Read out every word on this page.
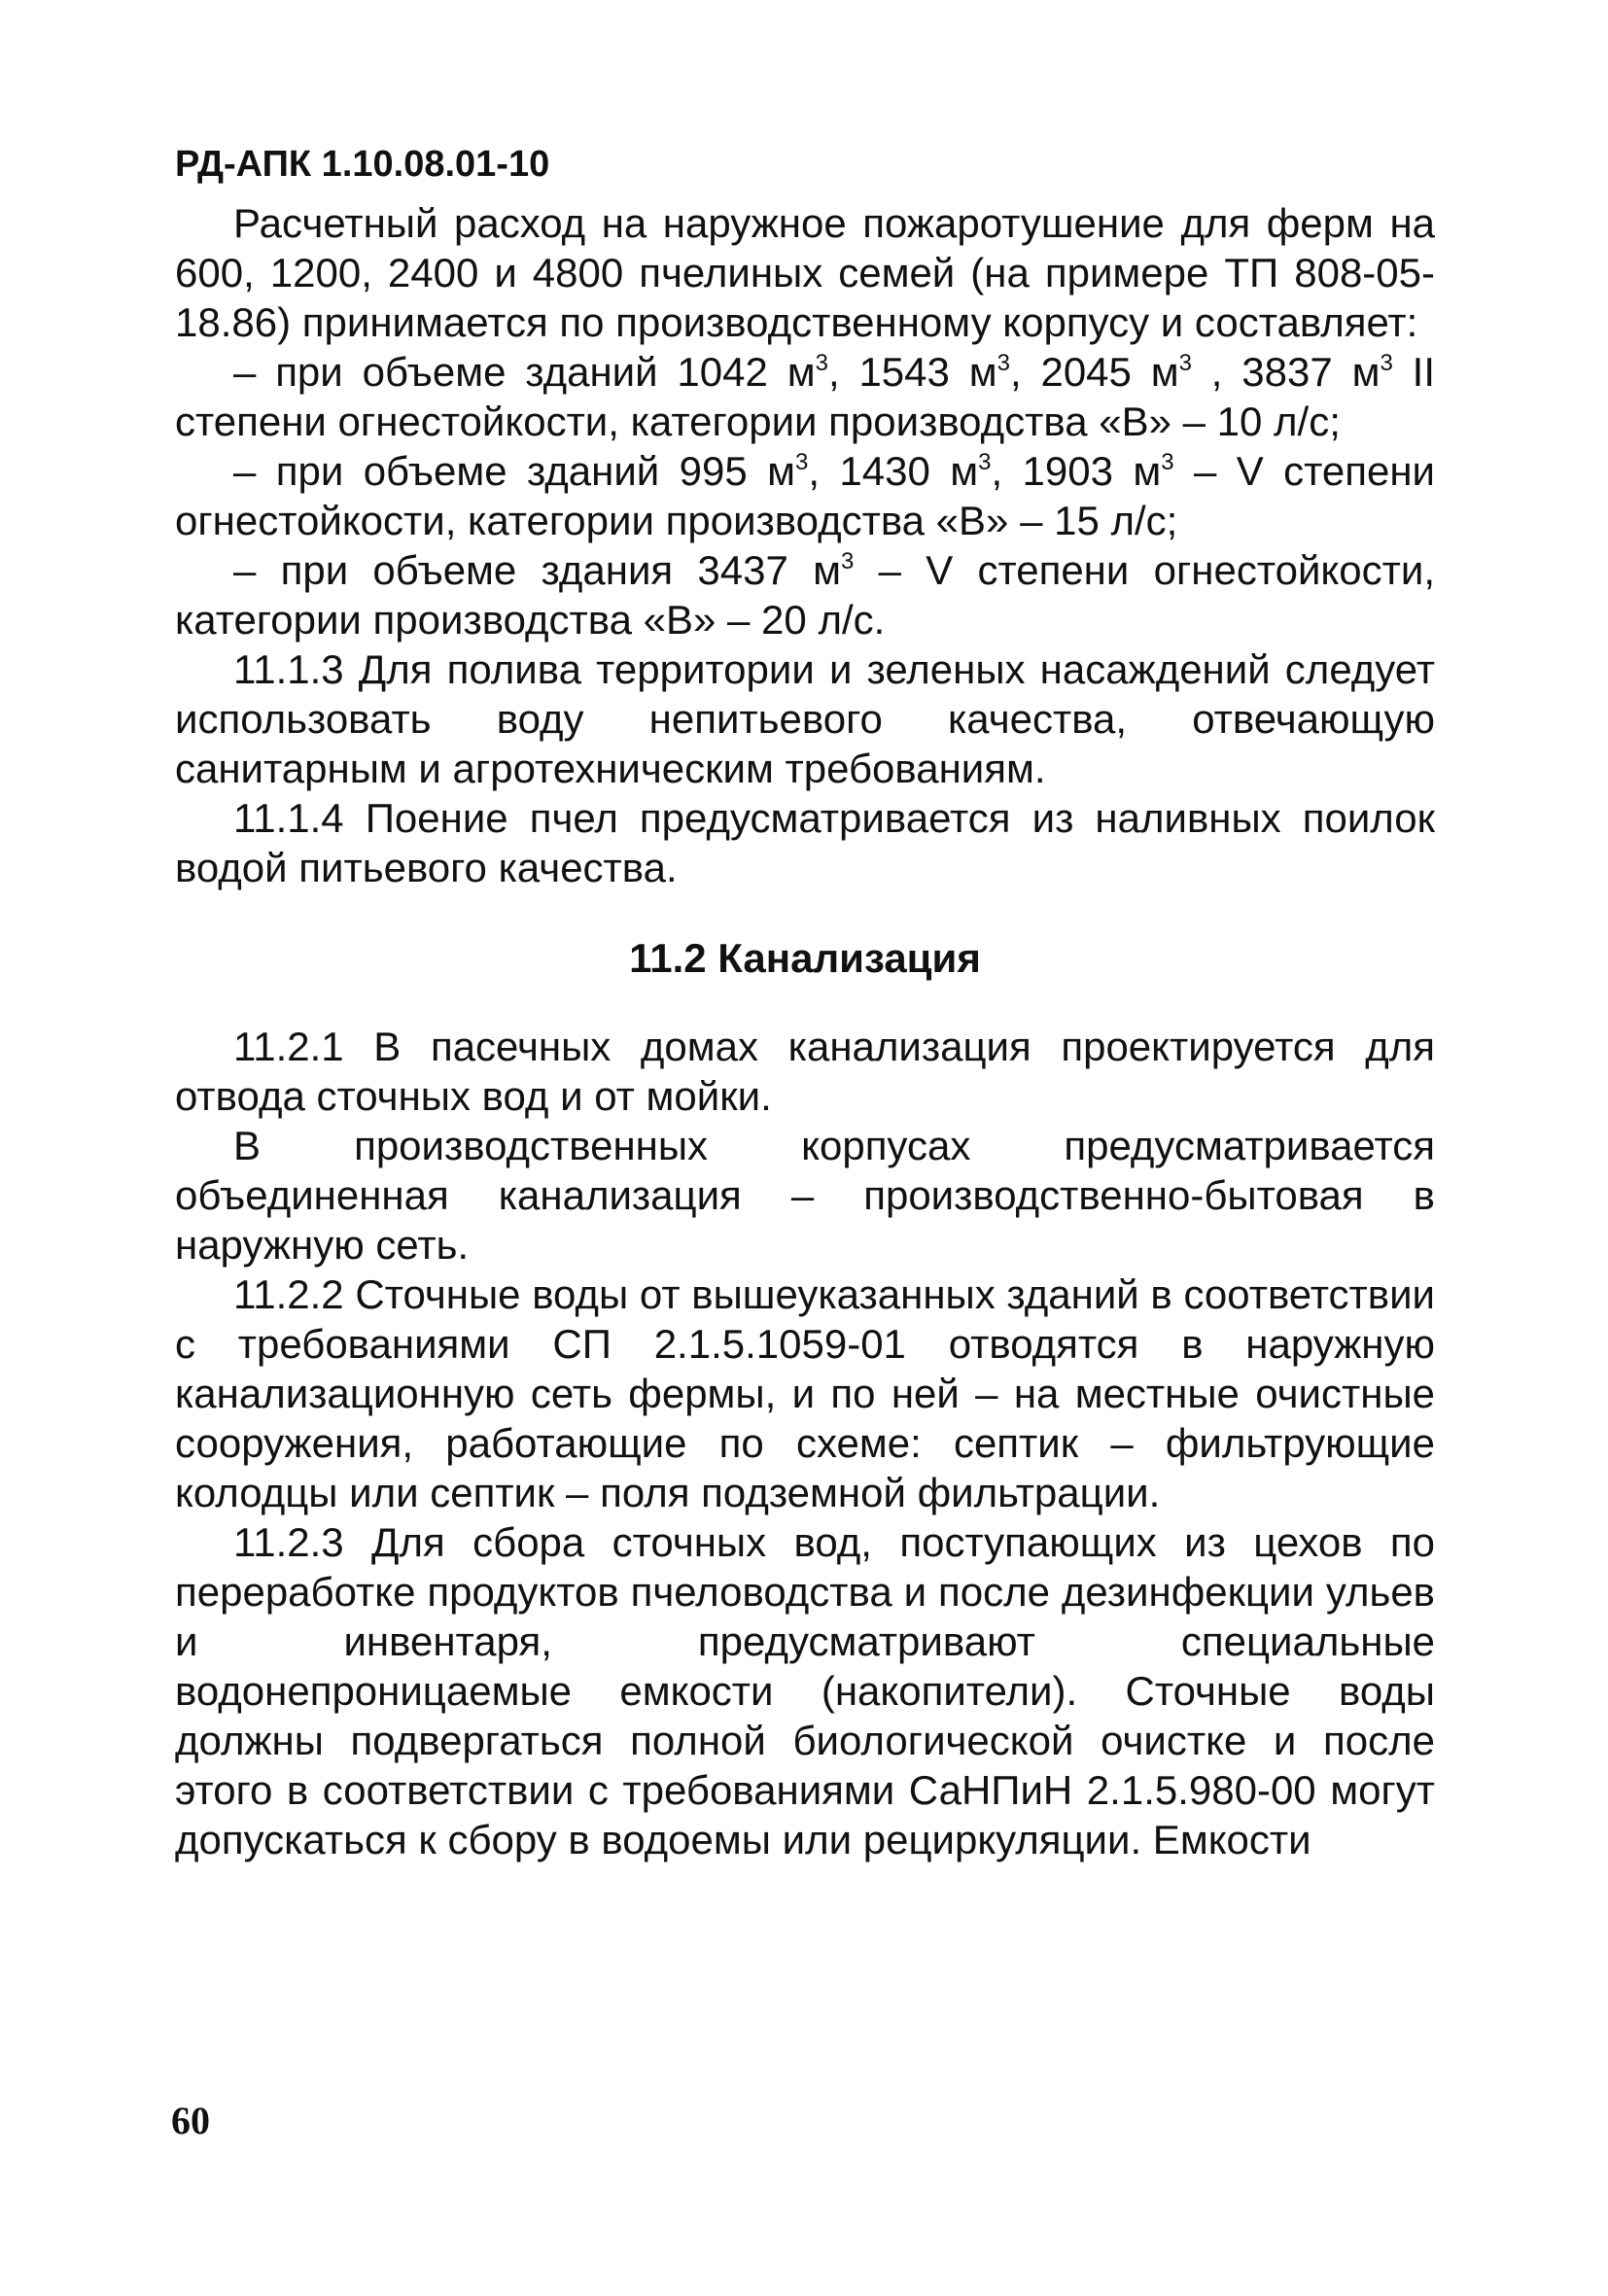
РД-АПК 1.10.08.01-10

Расчетный расход на наружное пожаротушение для ферм на 600, 1200, 2400 и 4800 пчелиных семей (на примере ТП 808-05-18.86) принимается по производственному корпусу и составляет:

– при объеме зданий 1042 $м^3$, 1543 $м^3$, 2045 $м^3$ , 3837 $м^3$ II степени огнестойкости, категории производства «В» – 10 л/с;

– при объеме зданий 995 $м^3$, 1430 $м^3$, 1903 $м^3$ – V степени огнестойкости, категории производства «В» – 15 л/с;

– при объеме здания 3437 $м^3$ – V степени огнестойкости, категории производства «В» – 20 л/с.

11.1.3 Для полива территории и зеленых насаждений следует использовать воду непитьевого качества, отвечающую санитарным и агротехническим требованиям.

11.1.4 Поение пчел предусматривается из наливных поилок водой питьевого качества.

11.2 Канализация

11.2.1 В пасечных домах канализация проектируется для отвода сточных вод и от мойки.

В производственных корпусах предусматривается объединенная канализация – производственно-бытовая в наружную сеть.

11.2.2 Сточные воды от вышеуказанных зданий в соответствии с требованиями СП 2.1.5.1059-01 отводятся в наружную канализационную сеть фермы, и по ней – на местные очистные сооружения, работающие по схеме: септик – фильтрующие колодцы или септик – поля подземной фильтрации.

11.2.3 Для сбора сточных вод, поступающих из цехов по переработке продуктов пчеловодства и после дезинфекции ульев и инвентаря, предусматривают специальные водонепроницаемые емкости (накопители). Сточные воды должны подвергаться полной биологической очистке и после этого в соответствии с требованиями СаНПиН 2.1.5.980-00 могут допускаться к сбору в водоемы или рециркуляции. Емкости

60
